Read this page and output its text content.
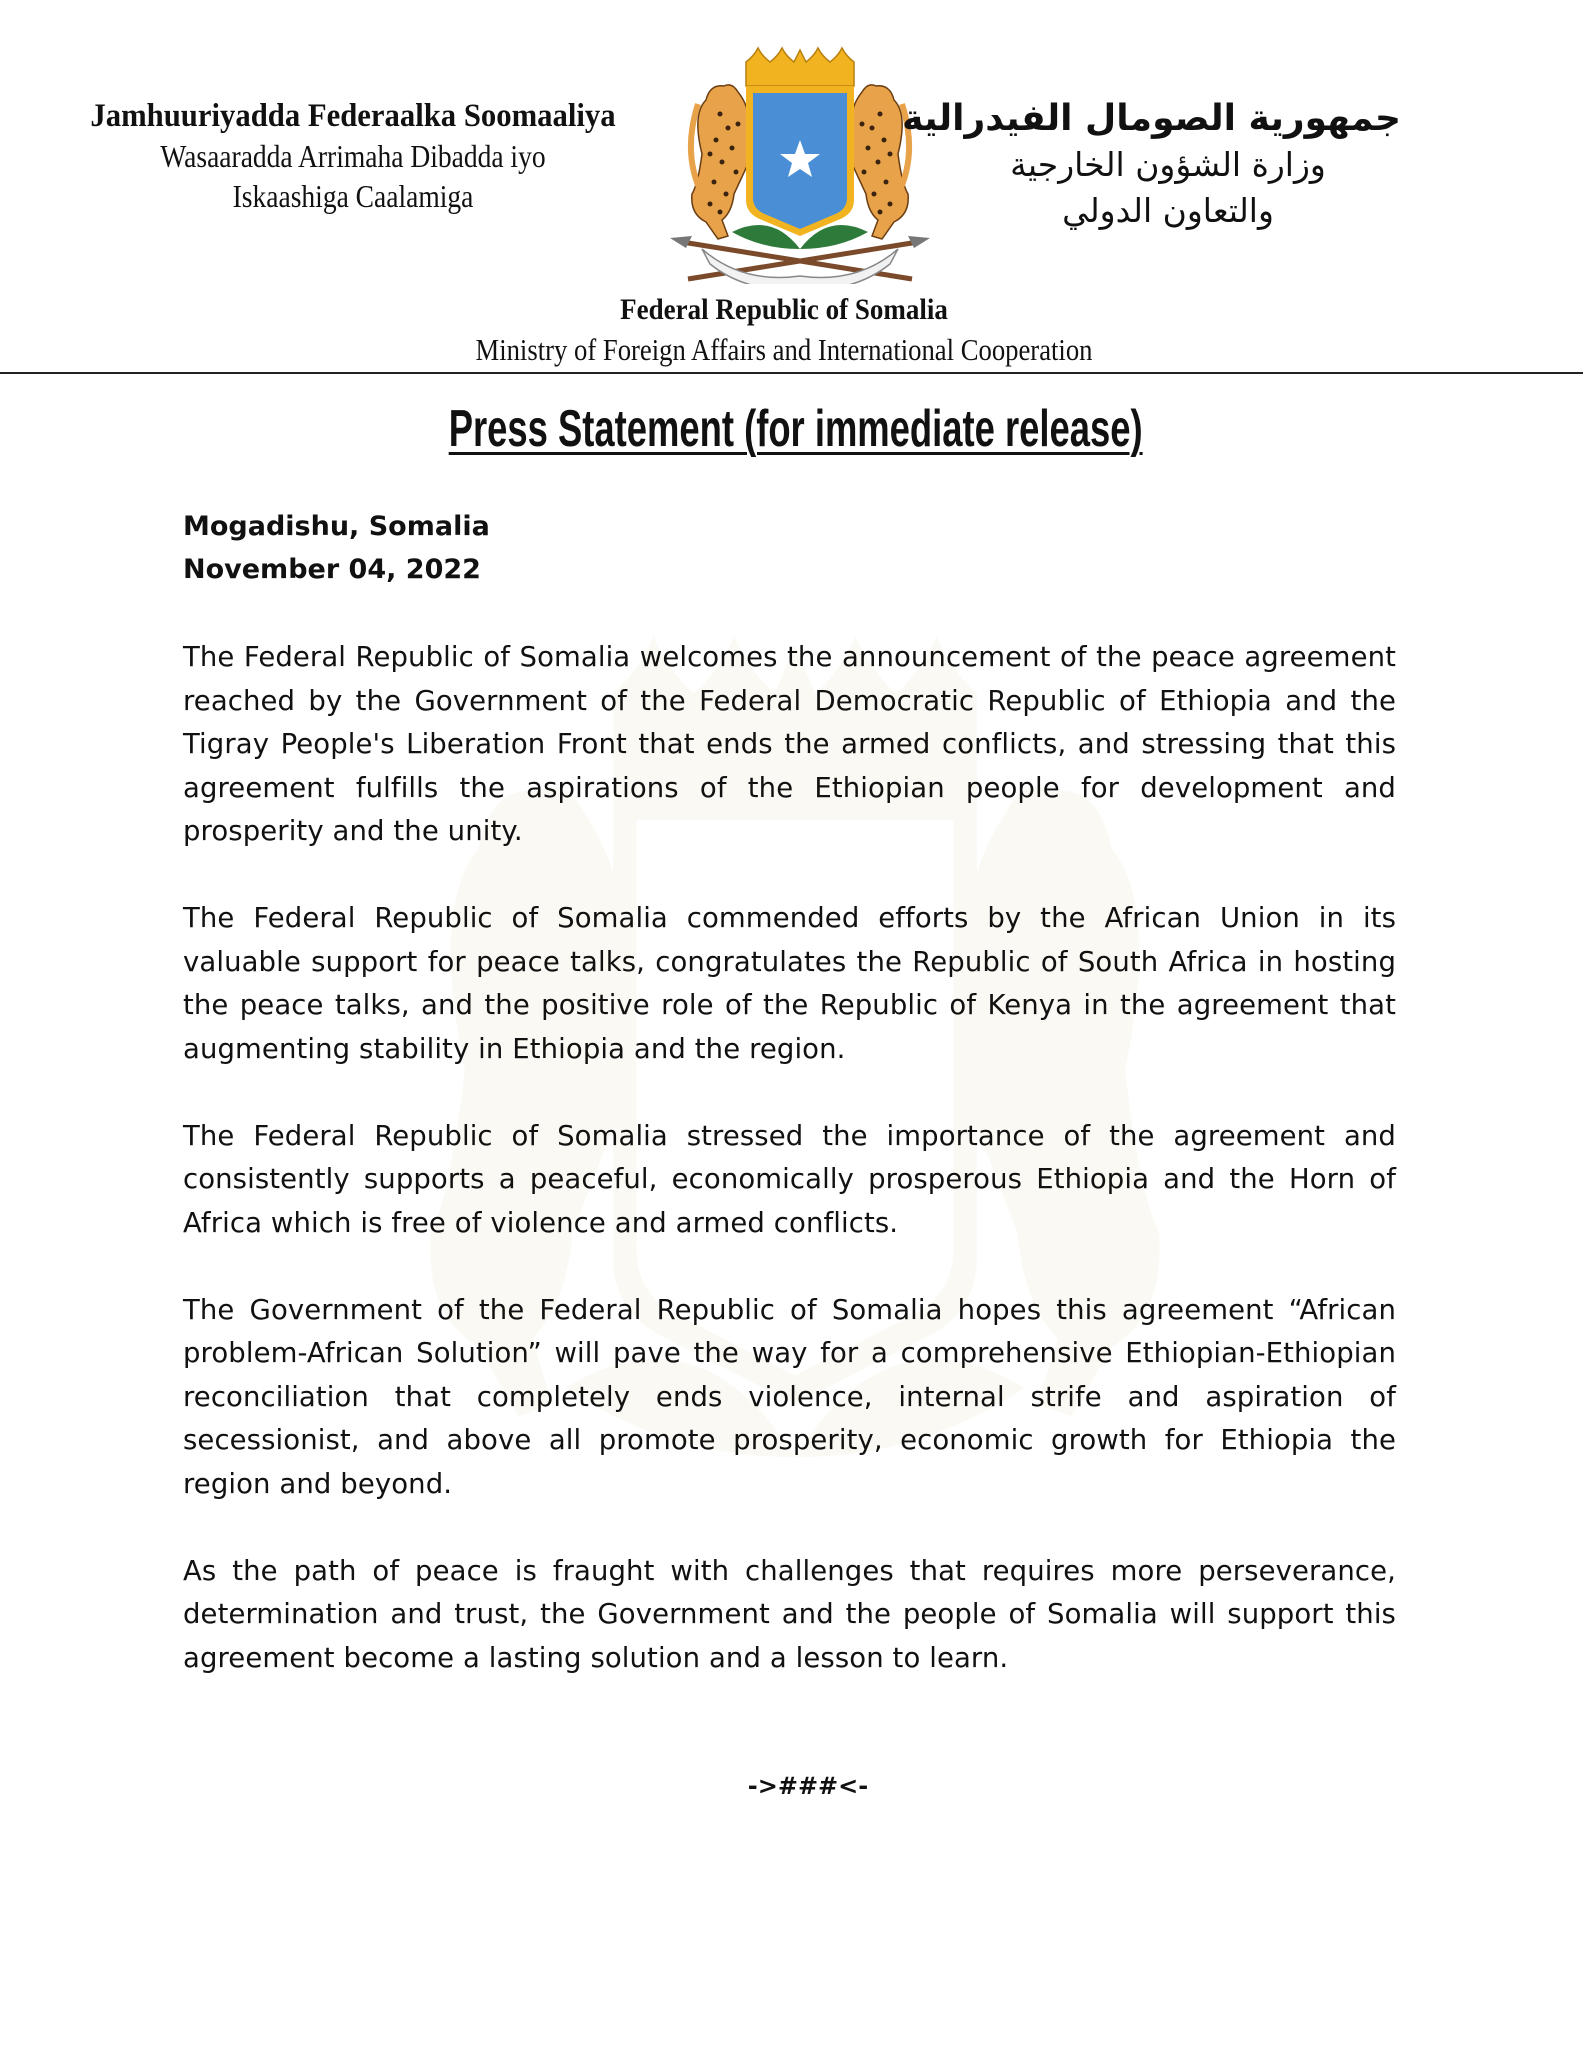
Jamhuuriyadda Federaalka Soomaaliya
Wasaaradda Arrimaha Dibadda iyo
Iskaashiga Caalamiga
جمهورية الصومال الفيدرالية
وزارة الشؤون الخارجية
والتعاون الدولي
Federal Republic of Somalia
Ministry of Foreign Affairs and International Cooperation
Press Statement (for immediate release)
Mogadishu, Somalia
November 04, 2022

The Federal Republic of Somalia welcomes the announcement of the peace agreement reached by the Government of the Federal Democratic Republic of Ethiopia and the Tigray People's Liberation Front that ends the armed conflicts, and stressing that this agreement fulfills the aspirations of the Ethiopian people for development and prosperity and the unity.

The Federal Republic of Somalia commended efforts by the African Union in its valuable support for peace talks, congratulates the Republic of South Africa in hosting the peace talks, and the positive role of the Republic of Kenya in the agreement that augmenting stability in Ethiopia and the region.

The Federal Republic of Somalia stressed the importance of the agreement and consistently supports a peaceful, economically prosperous Ethiopia and the Horn of Africa which is free of violence and armed conflicts.

The Government of the Federal Republic of Somalia hopes this agreement “African problem-African Solution” will pave the way for a comprehensive Ethiopian-Ethiopian reconciliation that completely ends violence, internal strife and aspiration of secessionist, and above all promote prosperity, economic growth for Ethiopia the region and beyond.

As the path of peace is fraught with challenges that requires more perseverance, determination and trust, the Government and the people of Somalia will support this agreement become a lasting solution and a lesson to learn.

->###<-
